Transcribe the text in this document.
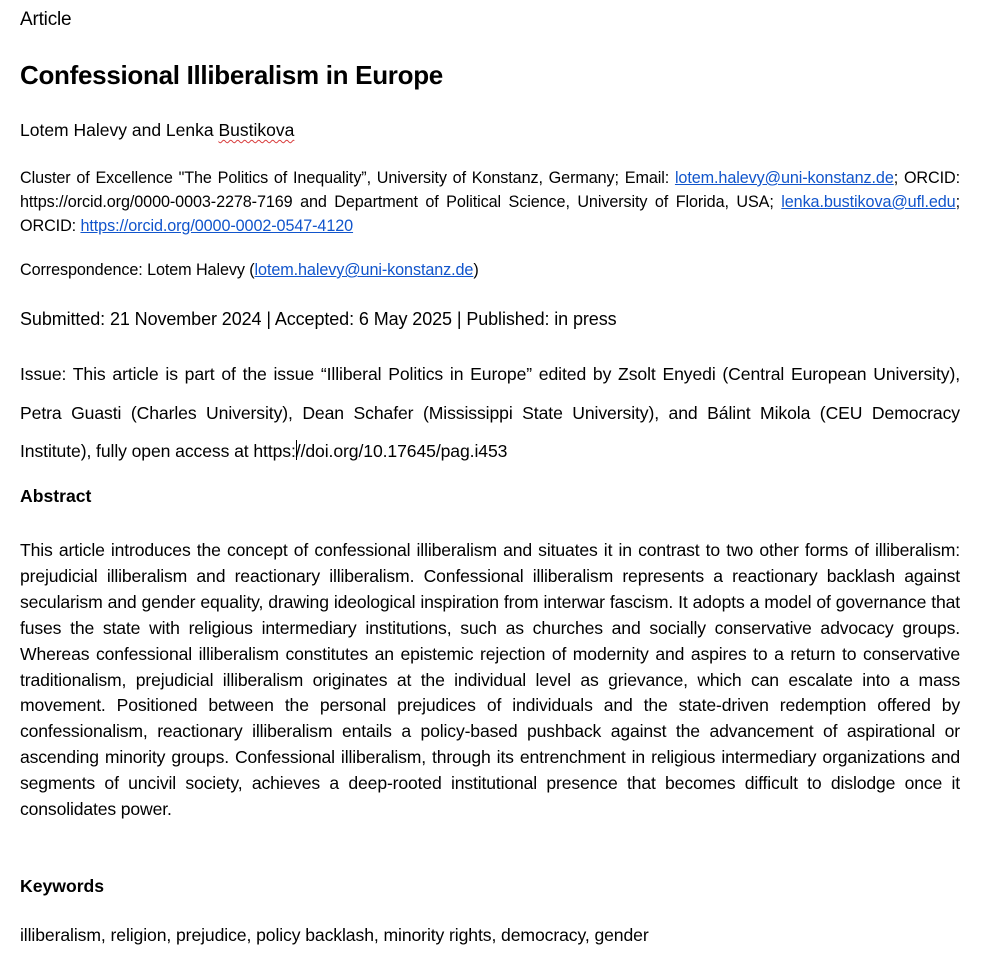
Article
Confessional Illiberalism in Europe
Lotem Halevy and Lenka Bustikova
Cluster of Excellence "The Politics of Inequality”, University of Konstanz, Germany; Email: lotem.halevy@uni-konstanz.de; ORCID: https://orcid.org/0000-0003-2278-7169 and Department of Political Science, University of Florida, USA; lenka.bustikova@ufl.edu; ORCID: https://orcid.org/0000-0002-0547-4120
Correspondence: Lotem Halevy (lotem.halevy@uni-konstanz.de)
Submitted: 21 November 2024 | Accepted: 6 May 2025 | Published: in press
Issue: This article is part of the issue “Illiberal Politics in Europe” edited by Zsolt Enyedi (Central European University), Petra Guasti (Charles University), Dean Schafer (Mississippi State University), and Bálint Mikola (CEU Democracy Institute), fully open access at https://doi.org/10.17645/pag.i453
Abstract
This article introduces the concept of confessional illiberalism and situates it in contrast to two other forms of illiberalism: prejudicial illiberalism and reactionary illiberalism. Confessional illiberalism represents a reactionary backlash against secularism and gender equality, drawing ideological inspiration from interwar fascism. It adopts a model of governance that fuses the state with religious intermediary institutions, such as churches and socially conservative advocacy groups. Whereas confessional illiberalism constitutes an epistemic rejection of modernity and aspires to a return to conservative traditionalism, prejudicial illiberalism originates at the individual level as grievance, which can escalate into a mass movement. Positioned between the personal prejudices of individuals and the state-driven redemption offered by confessionalism, reactionary illiberalism entails a policy-based pushback against the advancement of aspirational or ascending minority groups. Confessional illiberalism, through its entrenchment in religious intermediary organizations and segments of uncivil society, achieves a deep-rooted institutional presence that becomes difficult to dislodge once it consolidates power.
Keywords
illiberalism, religion, prejudice, policy backlash, minority rights, democracy, gender
